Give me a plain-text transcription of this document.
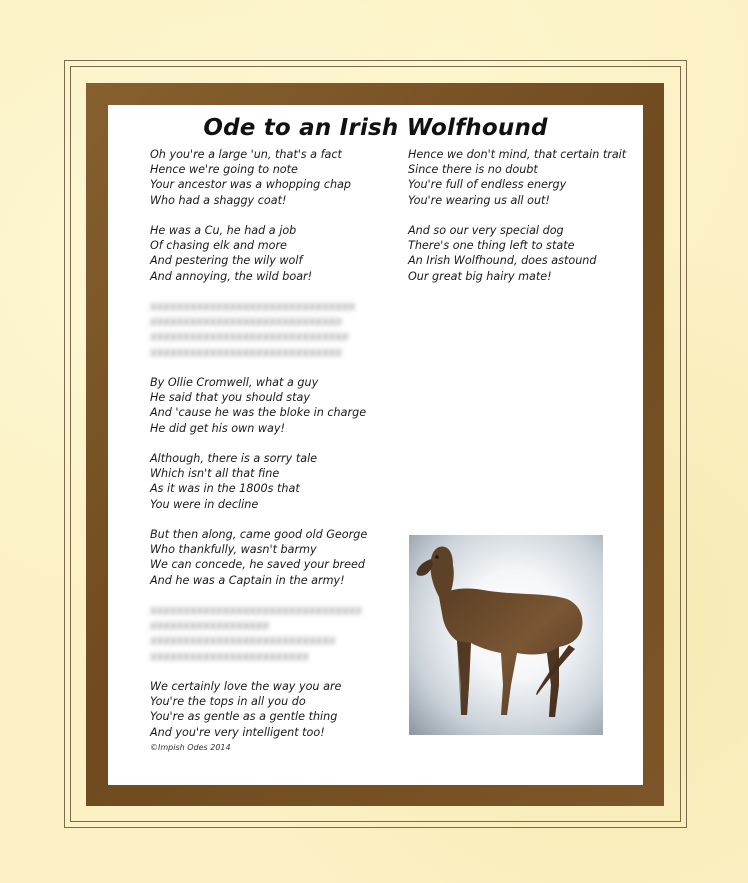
Ode to an Irish Wolfhound
Oh you're a large 'un, that's a fact
Hence we're going to note
Your ancestor was a whopping chap
Who had a shaggy coat!
He was a Cu, he had a job
Of chasing elk and more
And pestering the wily wolf
And annoying, the wild boar!
xxxxxxxxxxxxxxxxxxxxxxxxxxxxxxx
xxxxxxxxxxxxxxxxxxxxxxxxxxxxx
xxxxxxxxxxxxxxxxxxxxxxxxxxxxxx
xxxxxxxxxxxxxxxxxxxxxxxxxxxxx
By Ollie Cromwell, what a guy
He said that you should stay
And 'cause he was the bloke in charge
He did get his own way!
Although, there is a sorry tale
Which isn't all that fine
As it was in the 1800s that
You were in decline
But then along, came good old George
Who thankfully, wasn't barmy
We can concede, he saved your breed
And he was a Captain in the army!
xxxxxxxxxxxxxxxxxxxxxxxxxxxxxxxx
xxxxxxxxxxxxxxxxxx
xxxxxxxxxxxxxxxxxxxxxxxxxxxx
xxxxxxxxxxxxxxxxxxxxxxxx
We certainly love the way you are
You're the tops in all you do
You're as gentle as a gentle thing
And you're very intelligent too!
Hence we don't mind, that certain trait
Since there is no doubt
You're full of endless energy
You're wearing us all out!
And so our very special dog
There's one thing left to state
An Irish Wolfhound, does astound
Our great big hairy mate!
©Impish Odes 2014
